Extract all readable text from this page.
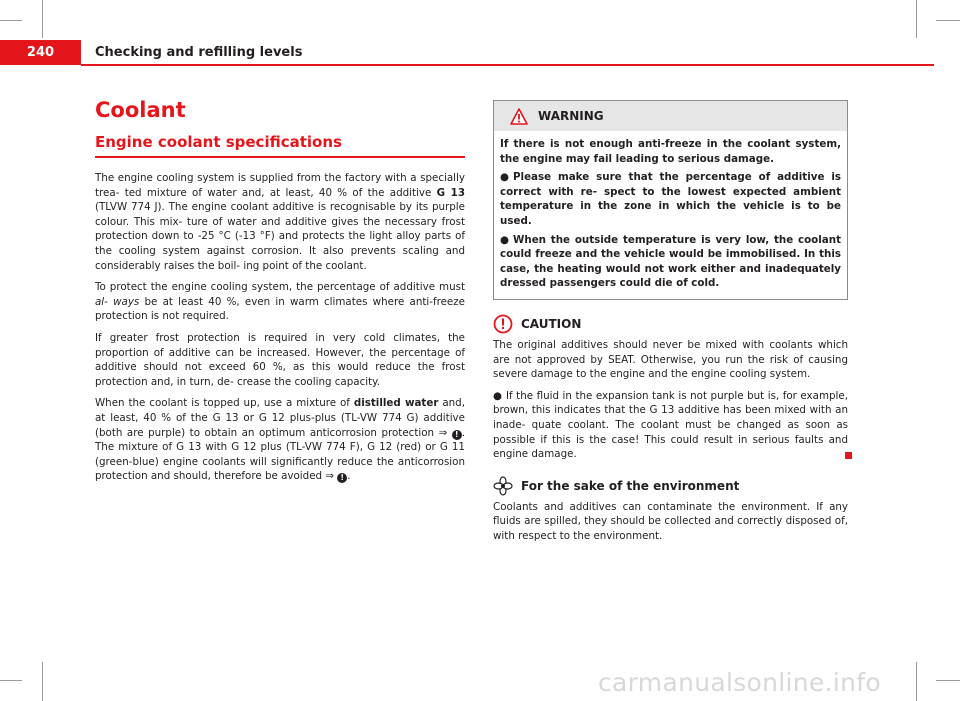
240	Checking and refilling levels
Coolant
Engine coolant specifications

The engine cooling system is supplied from the factory with a specially trea- ted mixture of water and, at least, 40 % of the additive G 13 (TLVW 774 J). The engine coolant additive is recognisable by its purple colour. This mix- ture of water and additive gives the necessary frost protection down to -25 °C (-13 °F) and protects the light alloy parts of the cooling system against corrosion. It also prevents scaling and considerably raises the boil- ing point of the coolant.

To protect the engine cooling system, the percentage of additive must al- ways be at least 40 %, even in warm climates where anti-freeze protection is not required.

If greater frost protection is required in very cold climates, the proportion of additive can be increased. However, the percentage of additive should not exceed 60 %, as this would reduce the frost protection and, in turn, de- crease the cooling capacity.

When the coolant is topped up, use a mixture of distilled water and, at least, 40 % of the G 13 or G 12 plus-plus (TL-VW 774 G) additive (both are purple) to obtain an optimum anticorrosion protection ⇒ ! . The mixture of G 13 with G 12 plus (TL-VW 774 F), G 12 (red) or G 11 (green-blue) engine coolants will significantly reduce the anticorrosion protection and should, therefore be avoided ⇒ ! .

WARNING

If there is not enough anti-freeze in the coolant system, the engine may fail leading to serious damage.

● Please make sure that the percentage of additive is correct with re- spect to the lowest expected ambient temperature in the zone in which the vehicle is to be used.

● When the outside temperature is very low, the coolant could freeze and the vehicle would be immobilised. In this case, the heating would not work either and inadequately dressed passengers could die of cold.

CAUTION

The original additives should never be mixed with coolants which are not approved by SEAT. Otherwise, you run the risk of causing severe damage to the engine and the engine cooling system.

● If the fluid in the expansion tank is not purple but is, for example, brown, this indicates that the G 13 additive has been mixed with an inade- quate coolant. The coolant must be changed as soon as possible if this is the case! This could result in serious faults and engine damage.

For the sake of the environment

Coolants and additives can contaminate the environment. If any fluids are spilled, they should be collected and correctly disposed of, with respect to the environment.

carmanualsonline.info
